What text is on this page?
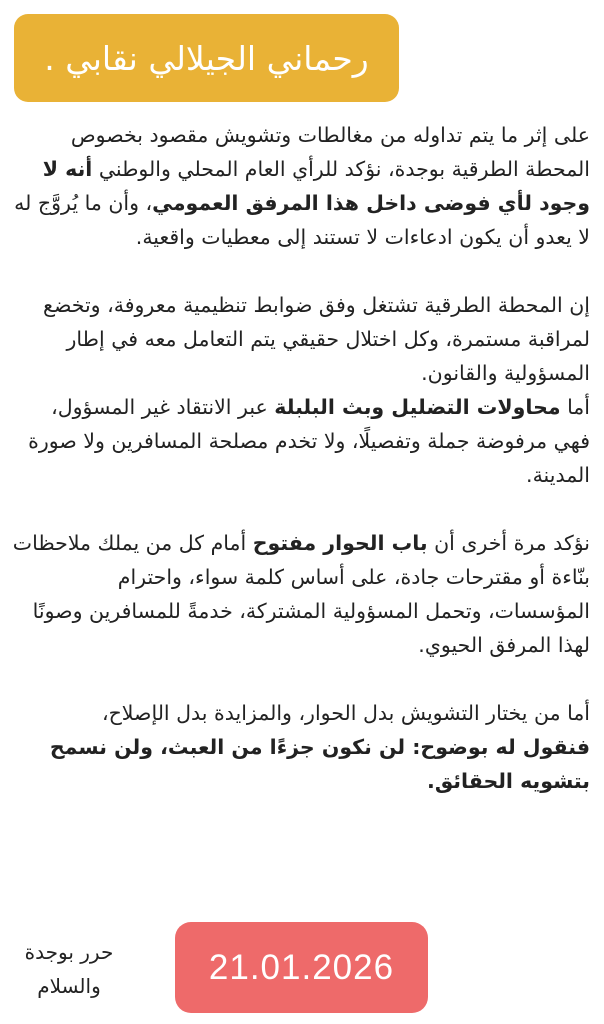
رحماني الجيلالي نقابي .

على إثر ما يتم تداوله من مغالطات وتشويش مقصود بخصوص المحطة الطرقية بوجدة، نؤكد للرأي العام المحلي والوطني أنه لا وجود لأي فوضى داخل هذا المرفق العمومي، وأن ما يُروَّج له لا يعدو أن يكون ادعاءات لا تستند إلى معطيات واقعية.

إن المحطة الطرقية تشتغل وفق ضوابط تنظيمية معروفة، وتخضع لمراقبة مستمرة، وكل اختلال حقيقي يتم التعامل معه في إطار المسؤولية والقانون.

أما محاولات التضليل وبث البلبلة عبر الانتقاد غير المسؤول، فهي مرفوضة جملة وتفصيلًا، ولا تخدم مصلحة المسافرين ولا صورة المدينة.

نؤكد مرة أخرى أن باب الحوار مفتوح أمام كل من يملك ملاحظات بنّاءة أو مقترحات جادة، على أساس كلمة سواء، واحترام المؤسسات، وتحمل المسؤولية المشتركة، خدمةً للمسافرين وصونًا لهذا المرفق الحيوي.

أما من يختار التشويش بدل الحوار، والمزايدة بدل الإصلاح،
فنقول له بوضوح: لن نكون جزءًا من العبث، ولن نسمح بتشويه الحقائق.

حرر بوجدة
والسلام	21.01.2026
